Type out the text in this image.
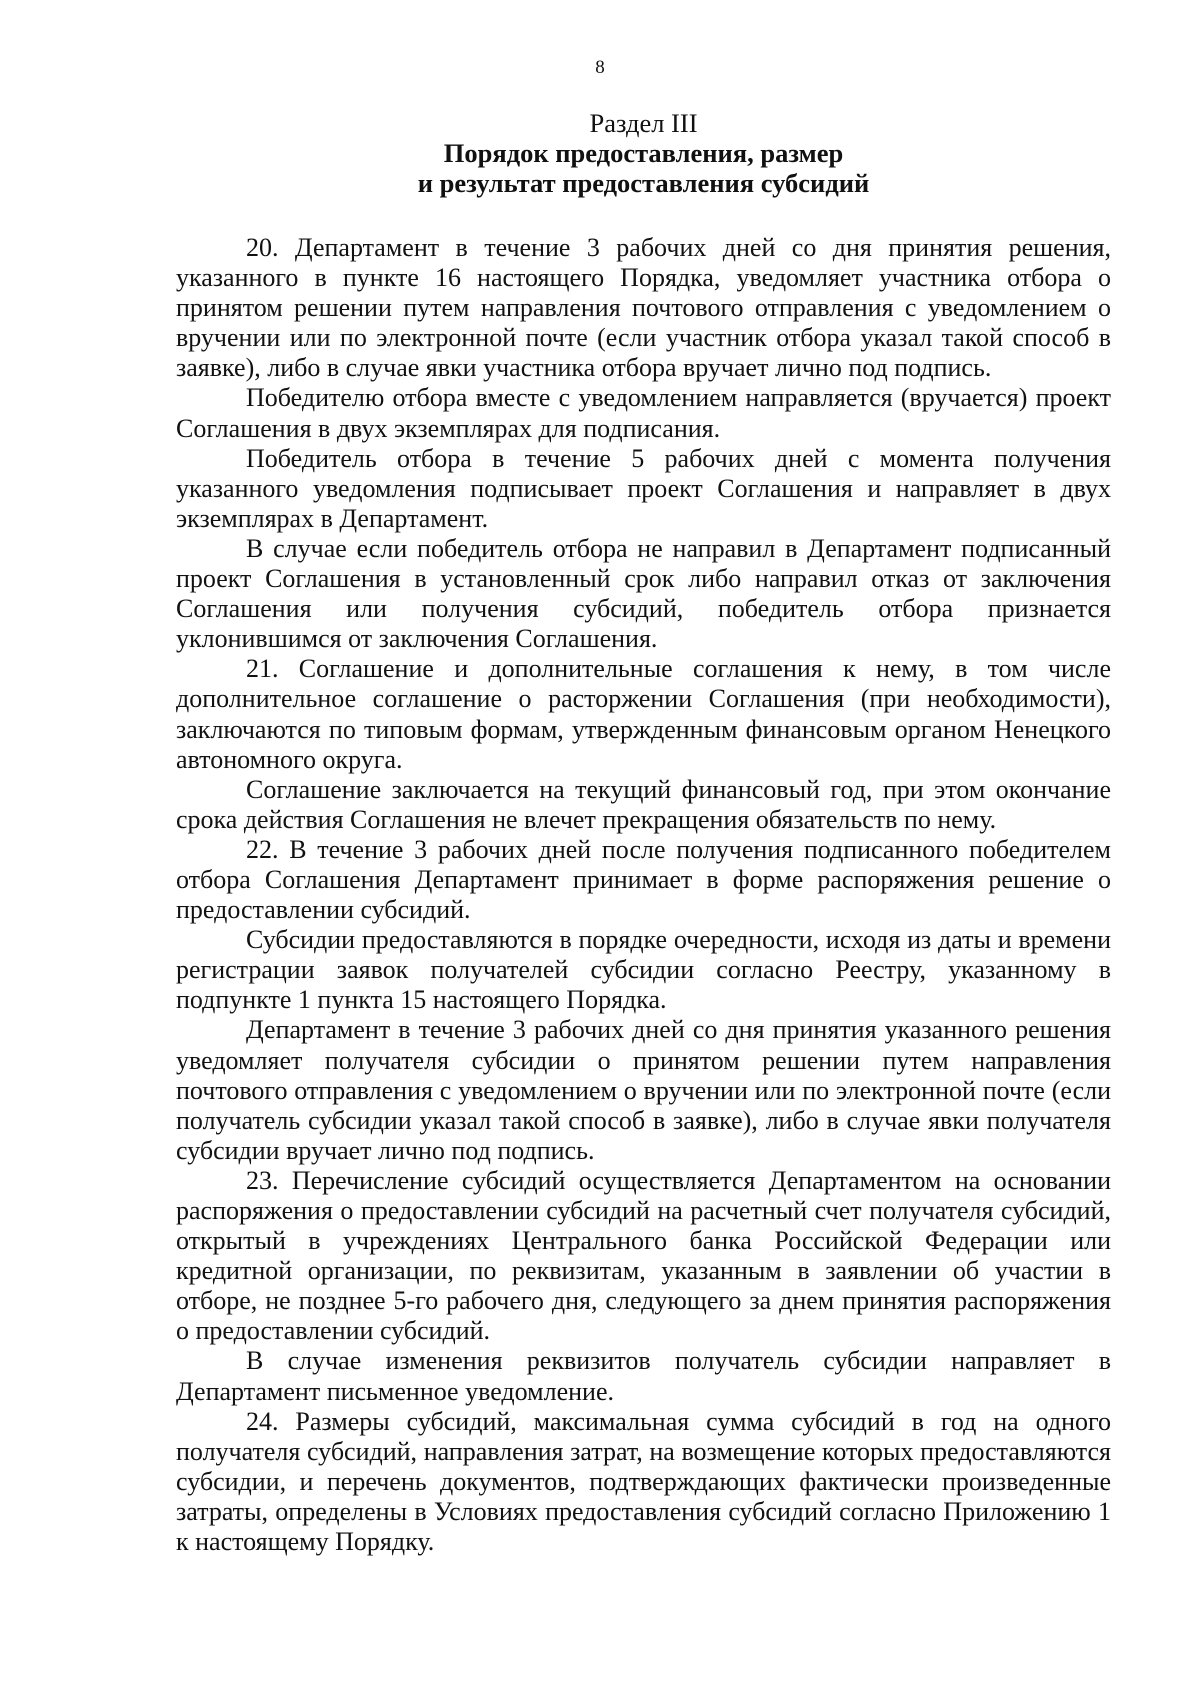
8
Раздел III
Порядок предоставления, размер
и результат предоставления субсидий

20. Департамент в течение 3 рабочих дней со дня принятия решения, указанного в пункте 16 настоящего Порядка, уведомляет участника отбора о принятом решении путем направления почтового отправления с уведомлением о вручении или по электронной почте (если участник отбора указал такой способ в заявке), либо в случае явки участника отбора вручает лично под подпись.

Победителю отбора вместе с уведомлением направляется (вручается) проект Соглашения в двух экземплярах для подписания.

Победитель отбора в течение 5 рабочих дней с момента получения указанного уведомления подписывает проект Соглашения и направляет в двух экземплярах в Департамент.

В случае если победитель отбора не направил в Департамент подписанный проект Соглашения в установленный срок либо направил отказ от заключения Соглашения или получения субсидий, победитель отбора признается уклонившимся от заключения Соглашения.

21. Соглашение и дополнительные соглашения к нему, в том числе дополнительное соглашение о расторжении Соглашения (при необходимости), заключаются по типовым формам, утвержденным финансовым органом Ненецкого автономного округа.

Соглашение заключается на текущий финансовый год, при этом окончание срока действия Соглашения не влечет прекращения обязательств по нему.

22. В течение 3 рабочих дней после получения подписанного победителем отбора Соглашения Департамент принимает в форме распоряжения решение о предоставлении субсидий.

Субсидии предоставляются в порядке очередности, исходя из даты и времени регистрации заявок получателей субсидии согласно Реестру, указанному в подпункте 1 пункта 15 настоящего Порядка.

Департамент в течение 3 рабочих дней со дня принятия указанного решения уведомляет получателя субсидии о принятом решении путем направления почтового отправления с уведомлением о вручении или по электронной почте (если получатель субсидии указал такой способ в заявке), либо в случае явки получателя субсидии вручает лично под подпись.

23. Перечисление субсидий осуществляется Департаментом на основании распоряжения о предоставлении субсидий на расчетный счет получателя субсидий, открытый в учреждениях Центрального банка Российской Федерации или кредитной организации, по реквизитам, указанным в заявлении об участии в отборе, не позднее 5-го рабочего дня, следующего за днем принятия распоряжения о предоставлении субсидий.

В случае изменения реквизитов получатель субсидии направляет в Департамент письменное уведомление.

24. Размеры субсидий, максимальная сумма субсидий в год на одного получателя субсидий, направления затрат, на возмещение которых предоставляются субсидии, и перечень документов, подтверждающих фактически произведенные затраты, определены в Условиях предоставления субсидий согласно Приложению 1 к настоящему Порядку.
